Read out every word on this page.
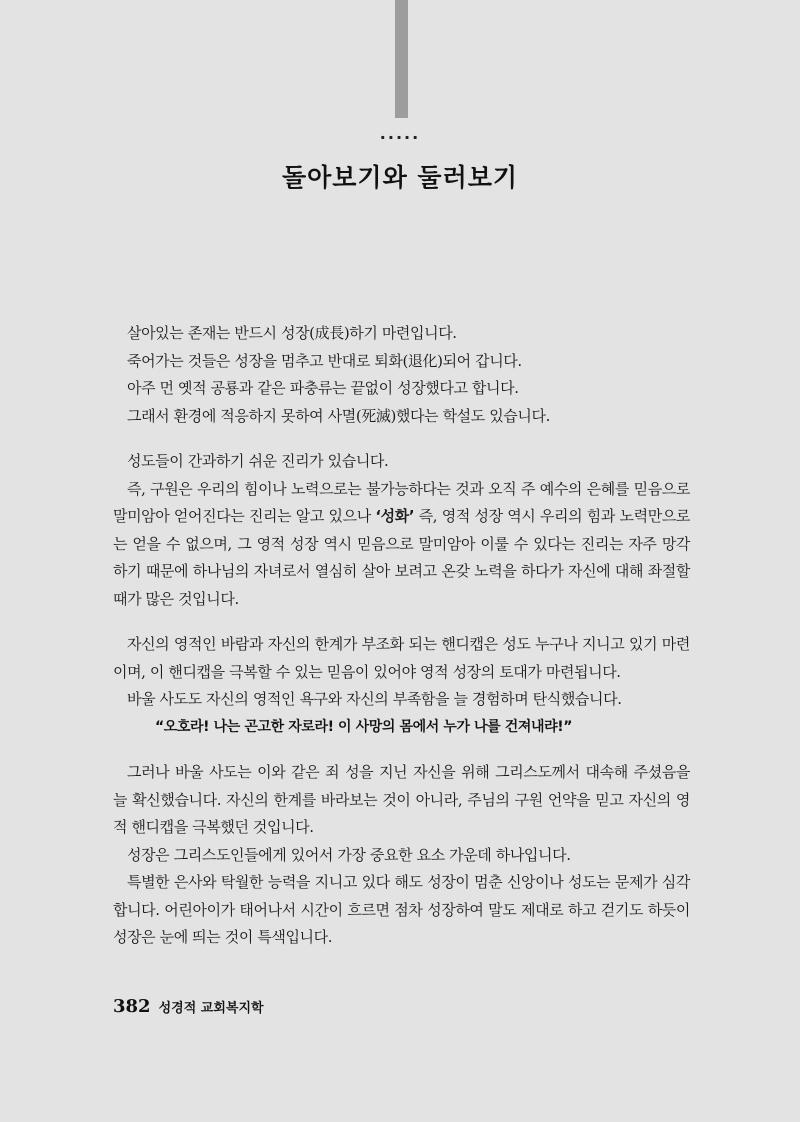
.....
돌아보기와 둘러보기

살아있는 존재는 반드시 성장(成長)하기 마련입니다.

죽어가는 것들은 성장을 멈추고 반대로 퇴화(退化)되어 갑니다.

아주 먼 옛적 공룡과 같은 파충류는 끝없이 성장했다고 합니다.

그래서 환경에 적응하지 못하여 사멸(死滅)했다는 학설도 있습니다.

성도들이 간과하기 쉬운 진리가 있습니다.

즉, 구원은 우리의 힘이나 노력으로는 불가능하다는 것과 오직 주 예수의 은혜를 믿음으로 말미암아 얻어진다는 진리는 알고 있으나 ‘성화’ 즉, 영적 성장 역시 우리의 힘과 노력만으로는 얻을 수 없으며, 그 영적 성장 역시 믿음으로 말미암아 이룰 수 있다는 진리는 자주 망각하기 때문에 하나님의 자녀로서 열심히 살아 보려고 온갖 노력을 하다가 자신에 대해 좌절할 때가 많은 것입니다.

자신의 영적인 바람과 자신의 한계가 부조화 되는 핸디캡은 성도 누구나 지니고 있기 마련이며, 이 핸디캡을 극복할 수 있는 믿음이 있어야 영적 성장의 토대가 마련됩니다.

바울 사도도 자신의 영적인 욕구와 자신의 부족함을 늘 경험하며 탄식했습니다.

“오호라! 나는 곤고한 자로라! 이 사망의 몸에서 누가 나를 건져내랴!”

그러나 바울 사도는 이와 같은 죄 성을 지닌 자신을 위해 그리스도께서 대속해 주셨음을 늘 확신했습니다. 자신의 한계를 바라보는 것이 아니라, 주님의 구원 언약을 믿고 자신의 영적 핸디캡을 극복했던 것입니다.

성장은 그리스도인들에게 있어서 가장 중요한 요소 가운데 하나입니다.

특별한 은사와 탁월한 능력을 지니고 있다 해도 성장이 멈춘 신앙이나 성도는 문제가 심각합니다. 어린아이가 태어나서 시간이 흐르면 점차 성장하여 말도 제대로 하고 걷기도 하듯이 성장은 눈에 띄는 것이 특색입니다.

382 성경적 교회복지학
